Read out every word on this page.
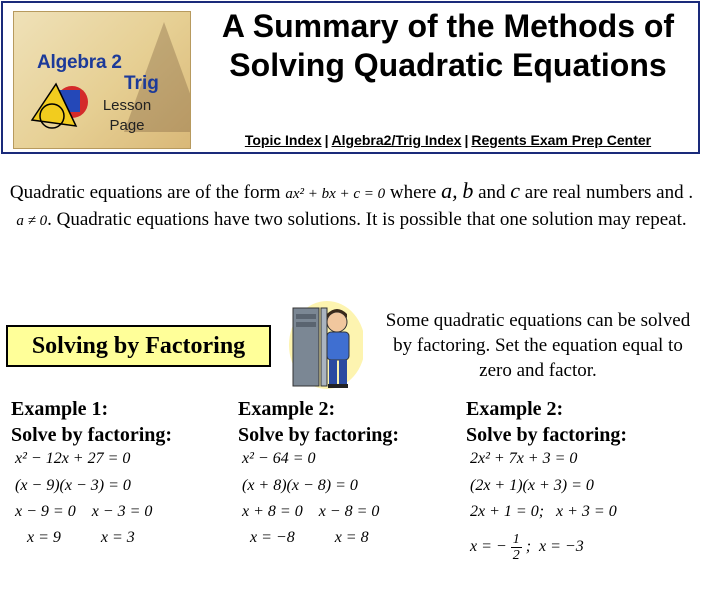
Algebra 2
Trig
Lesson
Page
A Summary of the Methods of Solving Quadratic Equations
Topic Index | Algebra2/Trig Index | Regents Exam Prep Center
Quadratic equations are of the form ax² + bx + c = 0 where a, b and c are real numbers and .
a ≠ 0. Quadratic equations have two solutions. It is possible that one solution may repeat.
Solving by Factoring
Some quadratic equations can be solved by factoring. Set the equation equal to zero and factor.
Example 1:
Solve by factoring:
x² − 12x + 27 = 0
(x − 9)(x − 3) = 0
x − 9 = 0    x − 3 = 0
x = 9          x = 3
Example 2:
Solve by factoring:
x² − 64 = 0
(x + 8)(x − 8) = 0
x + 8 = 0    x − 8 = 0
x = −8          x = 8
Example 2:
Solve by factoring:
2x² + 7x + 3 = 0
(2x + 1)(x + 3) = 0
2x + 1 = 0;   x + 3 = 0
x = − $\frac{1}{2}$ ;  x = −3
